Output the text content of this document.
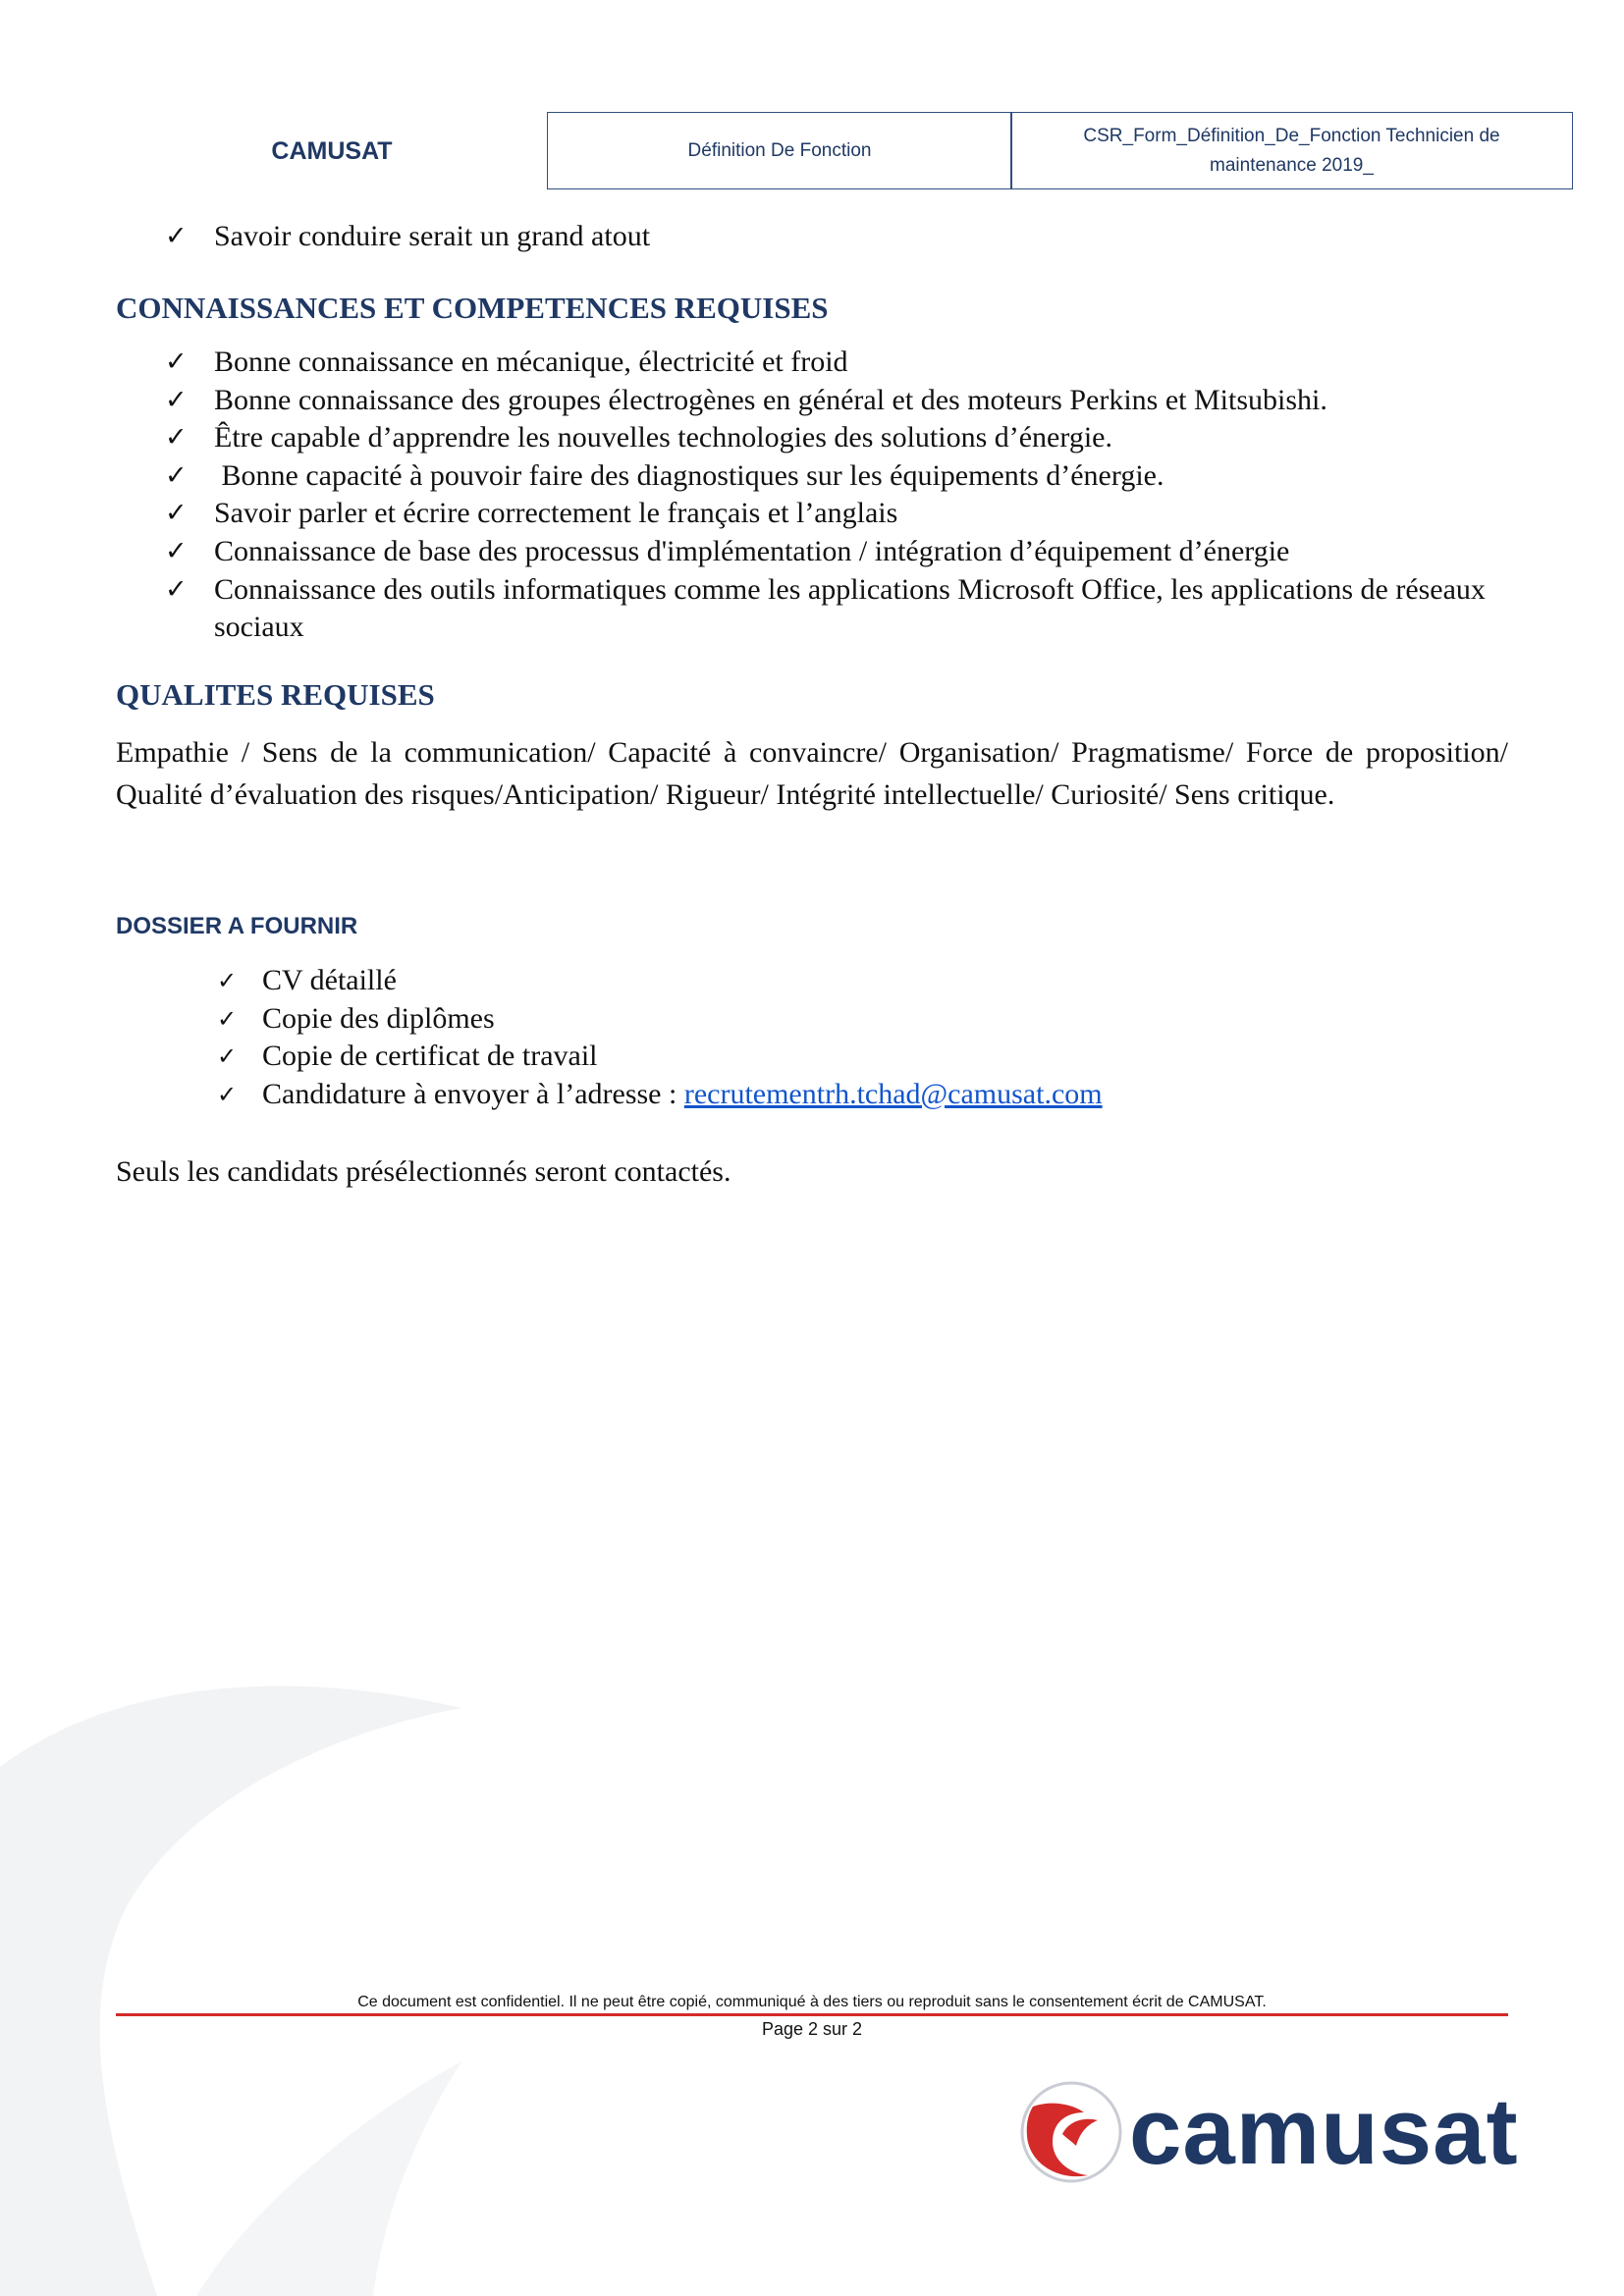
CAMUSAT	Définition De Fonction
CSR_Form_Définition_De_Fonction Technicien de maintenance 2019_
✓ Savoir conduire serait un grand atout
CONNAISSANCES ET COMPETENCES REQUISES
✓ Bonne connaissance en mécanique, électricité et froid
✓ Bonne connaissance des groupes électrogènes en général et des moteurs Perkins et Mitsubishi.
✓ Être capable d’apprendre les nouvelles technologies des solutions d’énergie.
✓ Bonne capacité à pouvoir faire des diagnostiques sur les équipements d’énergie.
✓ Savoir parler et écrire correctement le français et l’anglais
✓ Connaissance de base des processus d'implémentation / intégration d’équipement d’énergie
✓ Connaissance des outils informatiques comme les applications Microsoft Office, les applications de réseaux sociaux
QUALITES REQUISES

Empathie / Sens de la communication/ Capacité à convaincre/ Organisation/ Pragmatisme/ Force de proposition/ Qualité d’évaluation des risques/Anticipation/ Rigueur/ Intégrité intellectuelle/ Curiosité/ Sens critique.

DOSSIER A FOURNIR
✓ CV détaillé
✓ Copie des diplômes
✓ Copie de certificat de travail
✓ Candidature à envoyer à l’adresse : recrutementrh.tchad@camusat.com

Seuls les candidats présélectionnés seront contactés.

Ce document est confidentiel. Il ne peut être copié, communiqué à des tiers ou reproduit sans le consentement écrit de CAMUSAT.
Page 2 sur 2
camusat
